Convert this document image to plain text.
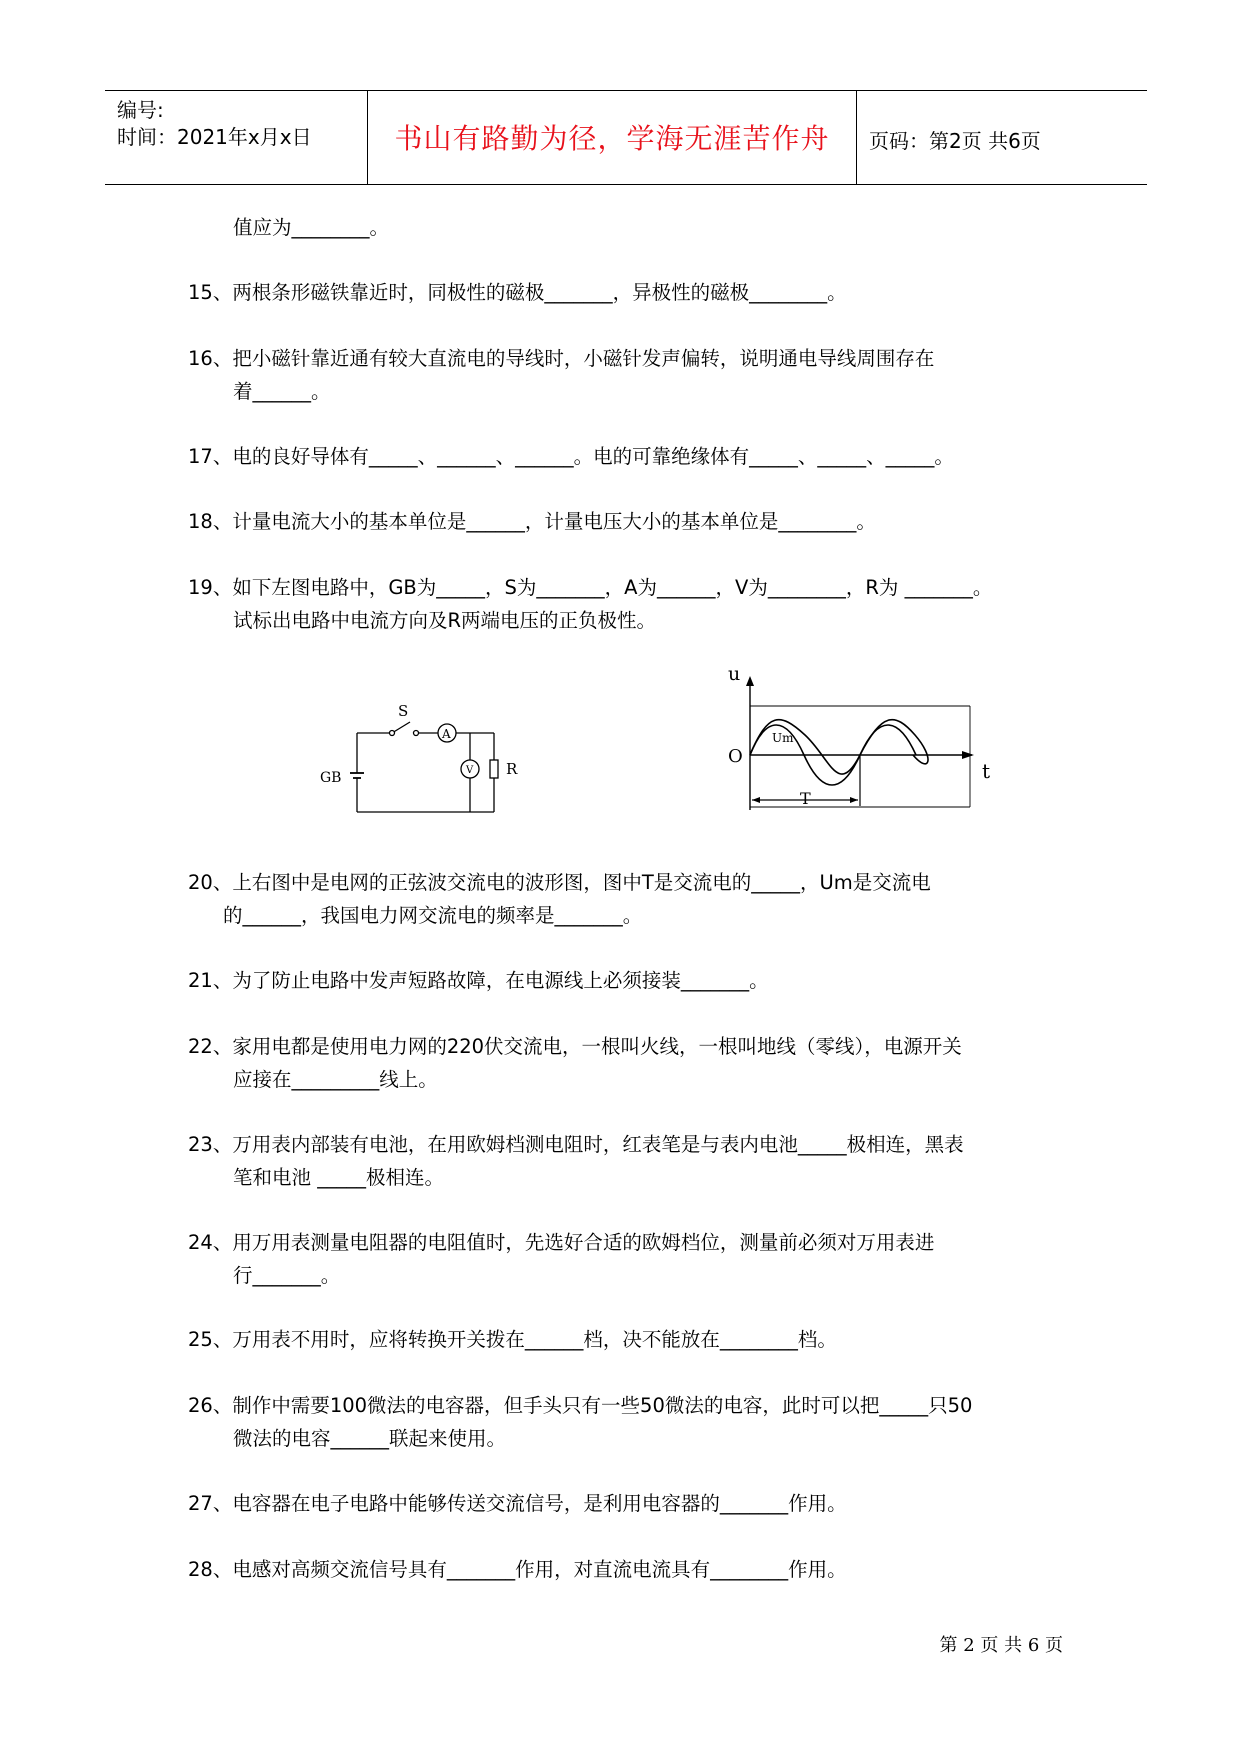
编号:
时间：2021年x月x日	书山有路勤为径，学海无涯苦作舟	页码：第2页 共6页
值应为________。
15、两根条形磁铁靠近时，同极性的磁极_______，异极性的磁极________。
16、把小磁针靠近通有较大直流电的导线时，小磁针发声偏转，说明通电导线周围存在
着______。
17、电的良好导体有_____、______、______。电的可靠绝缘体有_____、_____、_____。
18、计量电流大小的基本单位是______，计量电压大小的基本单位是________。
19、如下左图电路中，GB为_____，S为_______，A为______，V为________，R为 _______。
试标出电路中电流方向及R两端电压的正负极性。
S
A
V R
GB
u
O
t
Um
T
20、上右图中是电网的正弦波交流电的波形图，图中T是交流电的_____，Um是交流电
的______，我国电力网交流电的频率是_______。
21、为了防止电路中发声短路故障，在电源线上必须接装_______。
22、家用电都是使用电力网的220伏交流电，一根叫火线，一根叫地线（零线），电源开关
应接在_________线上。
23、万用表内部装有电池，在用欧姆档测电阻时，红表笔是与表内电池_____极相连，黑表
笔和电池 _____极相连。
24、用万用表测量电阻器的电阻值时，先选好合适的欧姆档位，测量前必须对万用表进
行_______。
25、万用表不用时，应将转换开关拨在______档，决不能放在________档。
26、制作中需要100微法的电容器，但手头只有一些50微法的电容，此时可以把_____只50
微法的电容______联起来使用。
27、电容器在电子电路中能够传送交流信号，是利用电容器的_______作用。
28、电感对高频交流信号具有_______作用，对直流电流具有________作用。
第 2 页 共 6 页
